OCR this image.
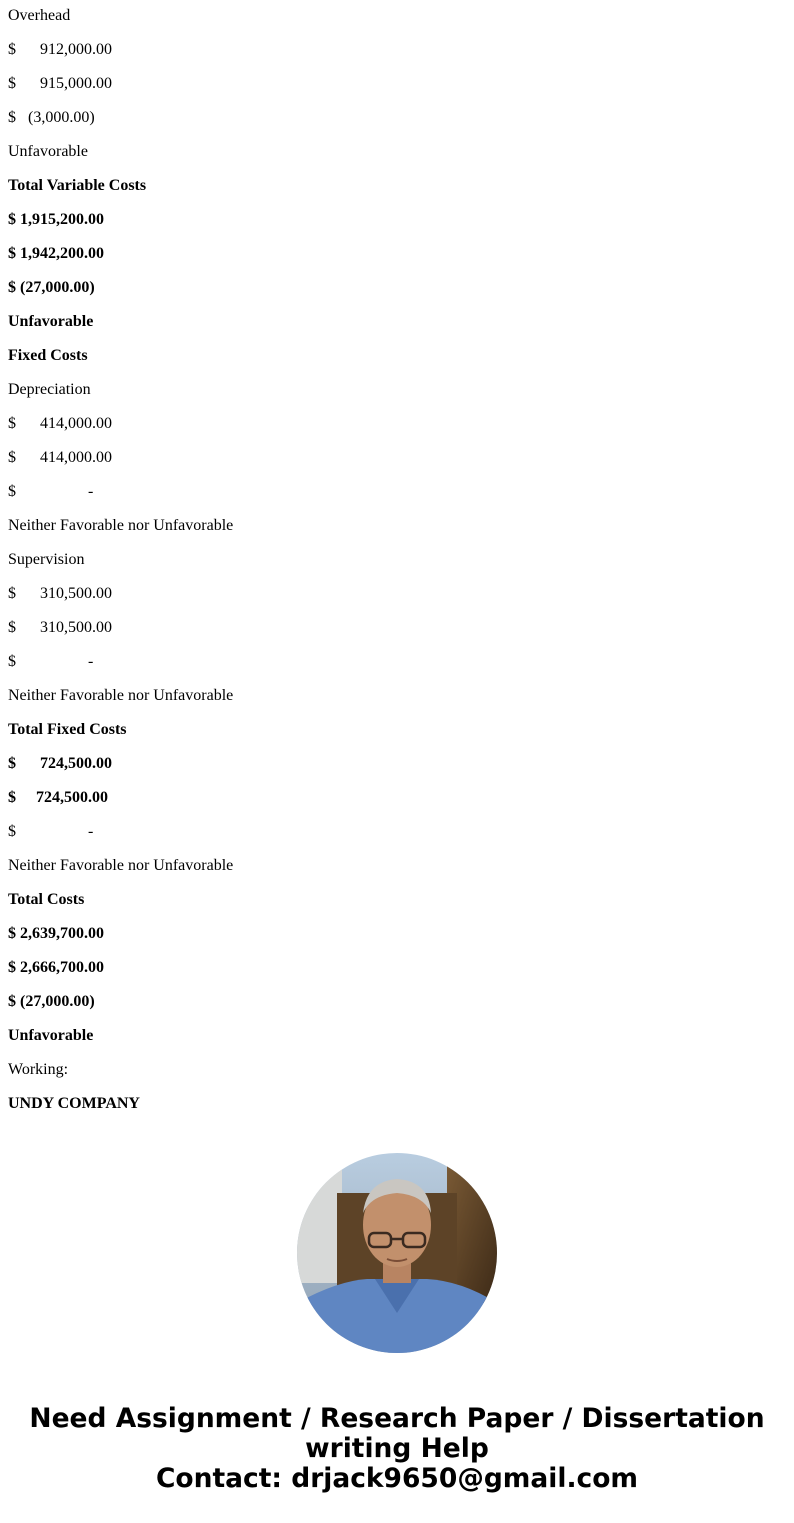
Overhead
$      912,000.00
$      915,000.00
$   (3,000.00)
Unfavorable
Total Variable Costs
$ 1,915,200.00
$ 1,942,200.00
$ (27,000.00)
Unfavorable
Fixed Costs
Depreciation
$      414,000.00
$      414,000.00
$                  -
Neither Favorable nor Unfavorable
Supervision
$      310,500.00
$      310,500.00
$                  -
Neither Favorable nor Unfavorable
Total Fixed Costs
$      724,500.00
$     724,500.00
$                  -
Neither Favorable nor Unfavorable
Total Costs
$ 2,639,700.00
$ 2,666,700.00
$ (27,000.00)
Unfavorable
Working:
UNDY COMPANY
Need Assignment / Research Paper / Dissertation
writing Help
Contact: drjack9650@gmail.com
